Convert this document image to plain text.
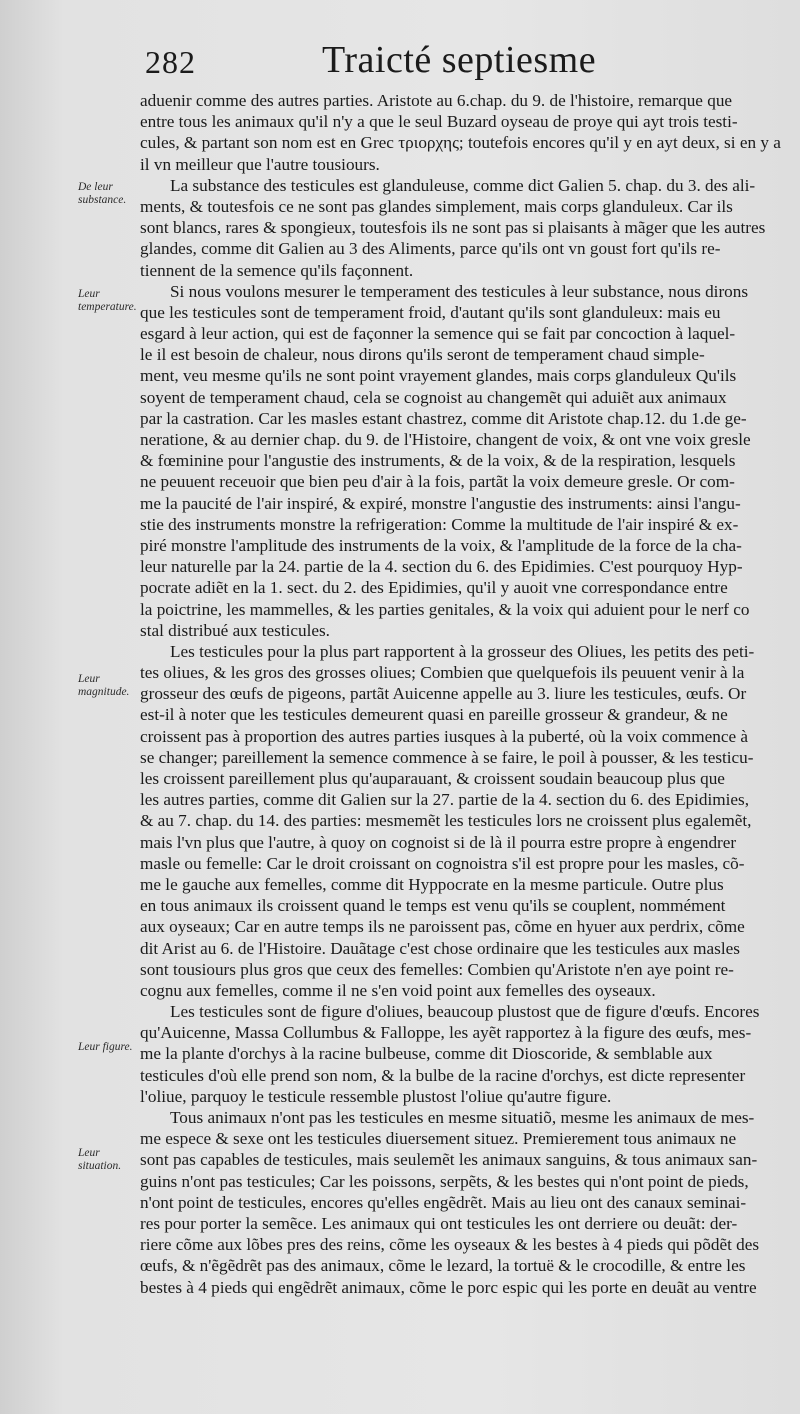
282	Traicté septiesme
De leur substance.
Leur temperature.
Leur magnitude.
Leur figure.
Leur situation.
aduenir comme des autres parties. Aristote au 6.chap. du 9. de l'histoire, remarque que
entre tous les animaux qu'il n'y a que le seul Buzard oyseau de proye qui ayt trois testi-
cules, & partant son nom est en Grec τριορχης; toutefois encores qu'il y en ayt deux, si en y a
il vn meilleur que l'autre tousiours.
La substance des testicules est glanduleuse, comme dict Galien 5. chap. du 3. des ali-
ments, & toutesfois ce ne sont pas glandes simplement, mais corps glanduleux. Car ils
sont blancs, rares & spongieux, toutesfois ils ne sont pas si plaisants à mãger que les autres
glandes, comme dit Galien au 3 des Aliments, parce qu'ils ont vn goust fort qu'ils re-
tiennent de la semence qu'ils façonnent.
Si nous voulons mesurer le temperament des testicules à leur substance, nous dirons
que les testicules sont de temperament froid, d'autant qu'ils sont glanduleux: mais eu
esgard à leur action, qui est de façonner la semence qui se fait par concoction à laquel-
le il est besoin de chaleur, nous dirons qu'ils seront de temperament chaud simple-
ment, veu mesme qu'ils ne sont point vrayement glandes, mais corps glanduleux Qu'ils
soyent de temperament chaud, cela se cognoist au changemẽt qui aduiẽt aux animaux
par la castration. Car les masles estant chastrez, comme dit Aristote chap.12. du 1.de ge-
neratione, & au dernier chap. du 9. de l'Histoire, changent de voix, & ont vne voix gresle
& fœminine pour l'angustie des instruments, & de la voix, & de la respiration, lesquels
ne peuuent receuoir que bien peu d'air à la fois, partãt la voix demeure gresle. Or com-
me la paucité de l'air inspiré, & expiré, monstre l'angustie des instruments: ainsi l'angu-
stie des instruments monstre la refrigeration: Comme la multitude de l'air inspiré & ex-
piré monstre l'amplitude des instruments de la voix, & l'amplitude de la force de la cha-
leur naturelle par la 24. partie de la 4. section du 6. des Epidimies. C'est pourquoy Hyp-
pocrate adiẽt en la 1. sect. du 2. des Epidimies, qu'il y auoit vne correspondance entre
la poictrine, les mammelles, & les parties genitales, & la voix qui aduient pour le nerf co
stal distribué aux testicules.
Les testicules pour la plus part rapportent à la grosseur des Oliues, les petits des peti-
tes oliues, & les gros des grosses oliues; Combien que quelquefois ils peuuent venir à la
grosseur des œufs de pigeons, partãt Auicenne appelle au 3. liure les testicules, œufs. Or
est-il à noter que les testicules demeurent quasi en pareille grosseur & grandeur, & ne
croissent pas à proportion des autres parties iusques à la puberté, où la voix commence à
se changer; pareillement la semence commence à se faire, le poil à pousser, & les testicu-
les croissent pareillement plus qu'auparauant, & croissent soudain beaucoup plus que
les autres parties, comme dit Galien sur la 27. partie de la 4. section du 6. des Epidimies,
& au 7. chap. du 14. des parties: mesmemẽt les testicules lors ne croissent plus egalemẽt,
mais l'vn plus que l'autre, à quoy on cognoist si de là il pourra estre propre à engendrer
masle ou femelle: Car le droit croissant on cognoistra s'il est propre pour les masles, cõ-
me le gauche aux femelles, comme dit Hyppocrate en la mesme particule. Outre plus
en tous animaux ils croissent quand le temps est venu qu'ils se couplent, nommément
aux oyseaux; Car en autre temps ils ne paroissent pas, cõme en hyuer aux perdrix, cõme
dit Arist au 6. de l'Histoire. Dauãtage c'est chose ordinaire que les testicules aux masles
sont tousiours plus gros que ceux des femelles: Combien qu'Aristote n'en aye point re-
cognu aux femelles, comme il ne s'en void point aux femelles des oyseaux.
Les testicules sont de figure d'oliues, beaucoup plustost que de figure d'œufs. Encores
qu'Auicenne, Massa Collumbus & Falloppe, les ayẽt rapportez à la figure des œufs, mes-
me la plante d'orchys à la racine bulbeuse, comme dit Dioscoride, & semblable aux
testicules d'où elle prend son nom, & la bulbe de la racine d'orchys, est dicte representer
l'oliue, parquoy le testicule ressemble plustost l'oliue qu'autre figure.
Tous animaux n'ont pas les testicules en mesme situatiõ, mesme les animaux de mes-
me espece & sexe ont les testicules diuersement situez. Premierement tous animaux ne
sont pas capables de testicules, mais seulemẽt les animaux sanguins, & tous animaux san-
guins n'ont pas testicules; Car les poissons, serpẽts, & les bestes qui n'ont point de pieds,
n'ont point de testicules, encores qu'elles engẽdrẽt. Mais au lieu ont des canaux seminai-
res pour porter la semẽce. Les animaux qui ont testicules les ont derriere ou deuãt: der-
riere cõme aux lõbes pres des reins, cõme les oyseaux & les bestes à 4 pieds qui põdẽt des
œufs, & n'ẽgẽdrẽt pas des animaux, cõme le lezard, la tortuë & le crocodille, & entre les
bestes à 4 pieds qui engẽdrẽt animaux, cõme le porc espic qui les porte en deuãt au ventre
